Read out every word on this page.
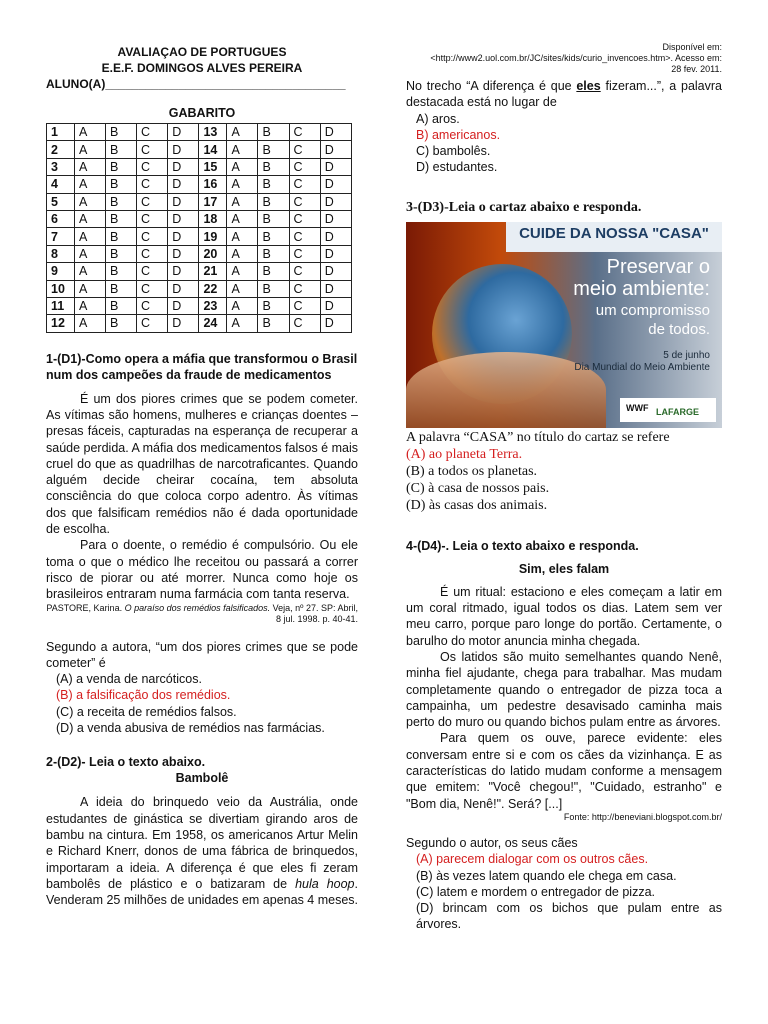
AVALIAÇAO DE PORTUGUES
E.E.F. DOMINGOS ALVES PEREIRA
ALUNO(A)____________________________________
GABARITO
1	A	B	C	D	13	A	B	C	D
2	A	B	C	D	14	A	B	C	D
3	A	B	C	D	15	A	B	C	D
4	A	B	C	D	16	A	B	C	D
5	A	B	C	D	17	A	B	C	D
6	A	B	C	D	18	A	B	C	D
7	A	B	C	D	19	A	B	C	D
8	A	B	C	D	20	A	B	C	D
9	A	B	C	D	21	A	B	C	D
10	A	B	C	D	22	A	B	C	D
11	A	B	C	D	23	A	B	C	D
12	A	B	C	D	24	A	B	C	D
1-(D1)-Como opera a máfia que transformou o Brasil num dos campeões da fraude de medicamentos
É um dos piores crimes que se podem cometer. As vítimas são homens, mulheres e crianças doentes – presas fáceis, capturadas na esperança de recuperar a saúde perdida. A máfia dos medicamentos falsos é mais cruel do que as quadrilhas de narcotraficantes. Quando alguém decide cheirar cocaína, tem absoluta consciência do que coloca corpo adentro. Às vítimas dos que falsificam remédios não é dada oportunidade de escolha.
Para o doente, o remédio é compulsório. Ou ele toma o que o médico lhe receitou ou passará a correr risco de piorar ou até morrer. Nunca como hoje os brasileiros entraram numa farmácia com tanta reserva.
PASTORE, Karina. O paraíso dos remédios falsificados. Veja, nº 27. SP: Abril, 8 jul. 1998. p. 40-41.
Segundo a autora, “um dos piores crimes que se pode cometer” é
(A) a venda de narcóticos.
(B) a falsificação dos remédios.
(C) a receita de remédios falsos.
(D) a venda abusiva de remédios nas farmácias.
2-(D2)- Leia o texto abaixo.
Bambolê
A ideia do brinquedo veio da Austrália, onde estudantes de ginástica se divertiam girando aros de bambu na cintura. Em 1958, os americanos Artur Melin e Richard Knerr, donos de uma fábrica de brinquedos, importaram a ideia. A diferença é que eles fi zeram bambolês de plástico e o batizaram de hula hoop. Venderam 25 milhões de unidades em apenas 4 meses.
Disponível em:
<http://www2.uol.com.br/JC/sites/kids/curio_invencoes.htm>. Acesso em:
28 fev. 2011.
No trecho “A diferença é que eles fizeram...”, a palavra destacada está no lugar de
A) aros.
B) americanos.
C) bambolês.
D) estudantes.
3-(D3)-Leia o cartaz abaixo e responda.
CUIDE DA NOSSA "CASA"
Preservar o
meio ambiente:
um compromisso
de todos.
5 de junho
Dia Mundial do Meio Ambiente
WWF LAFARGE
A palavra “CASA” no título do cartaz se refere
(A) ao planeta Terra.
(B) a todos os planetas.
(C) à casa de nossos pais.
(D) às casas dos animais.
4-(D4)-. Leia o texto abaixo e responda.
Sim, eles falam
É um ritual: estaciono e eles começam a latir em um coral ritmado, igual todos os dias. Latem sem ver meu carro, porque paro longe do portão. Certamente, o barulho do motor anuncia minha chegada.
Os latidos são muito semelhantes quando Nenê, minha fiel ajudante, chega para trabalhar. Mas mudam completamente quando o entregador de pizza toca a campainha, um pedestre desavisado caminha mais perto do muro ou quando bichos pulam entre as árvores.
Para quem os ouve, parece evidente: eles conversam entre si e com os cães da vizinhança. E as características do latido mudam conforme a mensagem que emitem: "Você chegou!", "Cuidado, estranho" e "Bom dia, Nenê!". Será? [...]
Fonte: http://beneviani.blogspot.com.br/
Segundo o autor, os seus cães
(A) parecem dialogar com os outros cães.
(B) às vezes latem quando ele chega em casa.
(C) latem e mordem o entregador de pizza.
(D) brincam com os bichos que pulam entre as árvores.
